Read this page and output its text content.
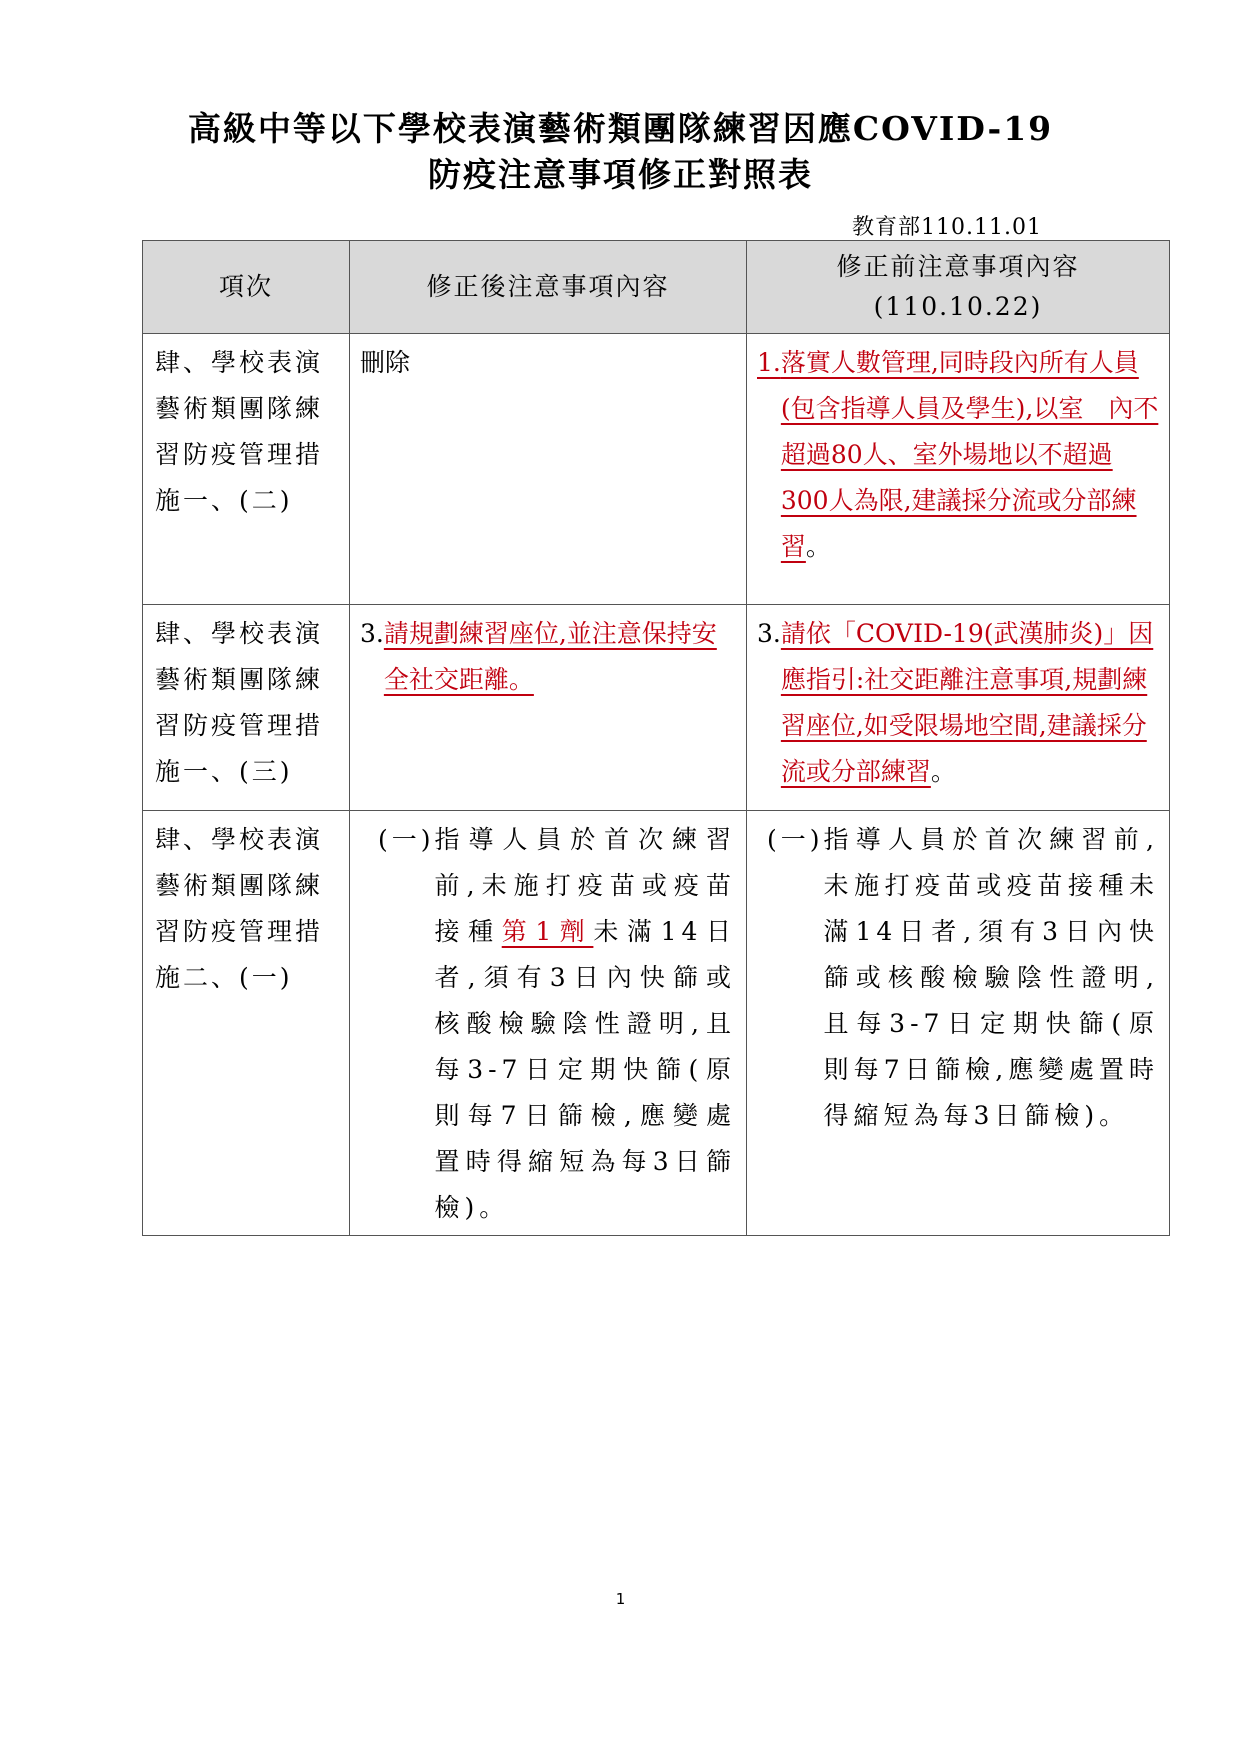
高級中等以下學校表演藝術類團隊練習因應COVID-19
防疫注意事項修正對照表
教育部110.11.01
項次	修正後注意事項內容	修正前注意事項內容
(110.10.22)

肆、學校表演藝術類團隊練習防疫管理措施一、(二)	刪除	1. 落實人數管理,同時段內所有人員(包含指導人員及學生),以室　內不超過80人、室外場地以不超過300人為限,建議採分流或分部練習。

肆、學校表演藝術類團隊練習防疫管理措施一、(三)	3. 請規劃練習座位,並注意保持安全社交距離。	3. 請依「COVID-19(武漢肺炎)」因應指引:社交距離注意事項,規劃練習座位,如受限場地空間,建議採分流或分部練習。

肆、學校表演藝術類團隊練習防疫管理措施二、(一)	(一) 指導人員於首次練習前,未施打疫苗或疫苗接種第1劑未滿14日者,須有3日內快篩或核酸檢驗陰性證明,且每3-7日定期快篩(原則每7日篩檢,應變處置時得縮短為每3日篩檢)。	(一) 指導人員於首次練習前,未施打疫苗或疫苗接種未滿14日者,須有3日內快篩或核酸檢驗陰性證明,且每3-7日定期快篩(原則每7日篩檢,應變處置時得縮短為每3日篩檢)。
1
